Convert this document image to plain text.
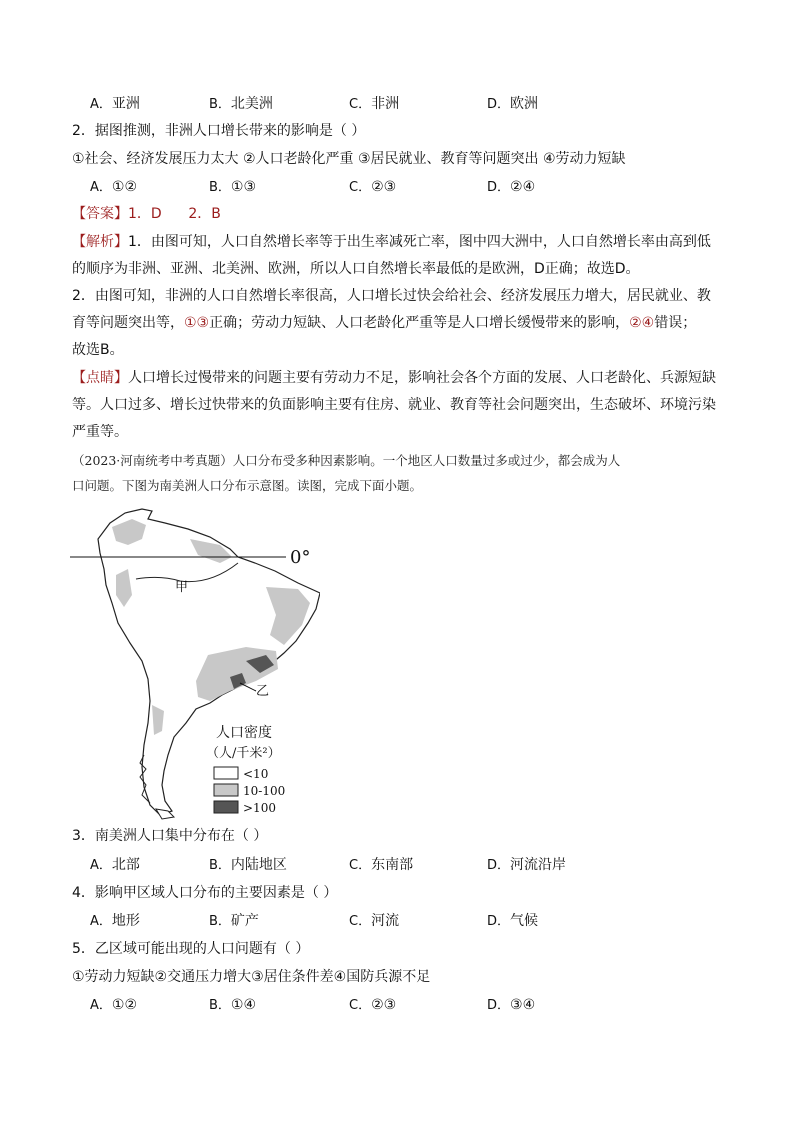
A．亚洲	B．北美洲	C．非洲	D．欧洲
2．据图推测，非洲人口增长带来的影响是（ ）
①社会、经济发展压力太大 ②人口老龄化严重 ③居民就业、教育等问题突出 ④劳动力短缺
A．①②	B．①③	C．②③	D．②④
【答案】1．D      2．B
【解析】1．由图可知，人口自然增长率等于出生率减死亡率，图中四大洲中，人口自然增长率由高到低
的顺序为非洲、亚洲、北美洲、欧洲，所以人口自然增长率最低的是欧洲，D正确；故选D。
2．由图可知，非洲的人口自然增长率很高，人口增长过快会给社会、经济发展压力增大，居民就业、教
育等问题突出等，①③正确；劳动力短缺、人口老龄化严重等是人口增长缓慢带来的影响，②④错误；
故选B。
【点睛】人口增长过慢带来的问题主要有劳动力不足，影响社会各个方面的发展、人口老龄化、兵源短缺
等。人口过多、增长过快带来的负面影响主要有住房、就业、教育等社会问题突出，生态破坏、环境污染
严重等。
（2023·河南统考中考真题）人口分布受多种因素影响。一个地区人口数量过多或过少，都会成为人
口问题。下图为南美洲人口分布示意图。读图，完成下面小题。
0°
甲
乙
人口密度
（人/千米²）
<10
10-100
>100
3．南美洲人口集中分布在（ ）
A．北部	B．内陆地区	C．东南部	D．河流沿岸
4．影响甲区域人口分布的主要因素是（ ）
A．地形	B．矿产	C．河流	D．气候
5．乙区域可能出现的人口问题有（ ）
①劳动力短缺②交通压力增大③居住条件差④国防兵源不足
A．①②	B．①④	C．②③	D．③④
